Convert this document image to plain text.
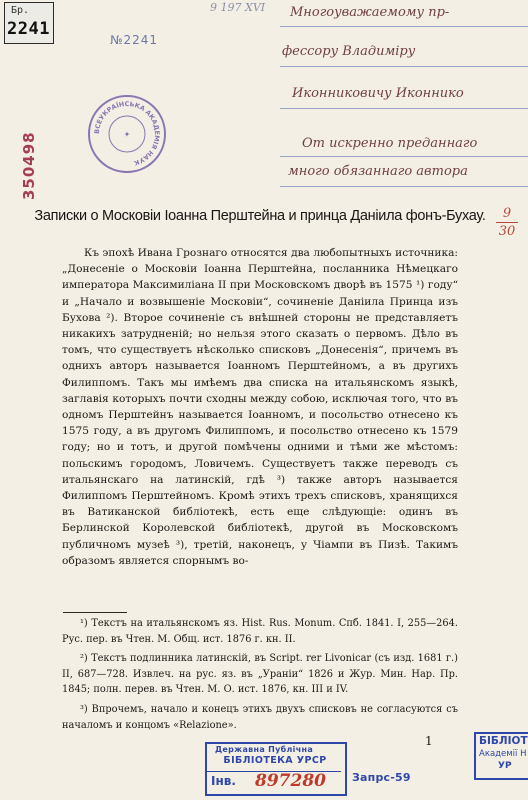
Бр.
2241
9 197 XVI
№2241
Многоуважаемому пр-
фессору Владиміру
Иконниковичу Иконнико
От искренно преданнаго
много обязаннаго автора
ВСЕУКРАЇНСЬКА АКАДЕМІЯ НАУК
✦
350498
9
30
Записки о Московіи Іоанна Перштейна и принца Даніила фонъ-Бухау.
Къ эпохѣ Ивана Грознаго относятся два любопытныхъ источника: „Донесеніе о Московіи Іоанна Перштейна, посланника Нѣмецкаго императора Максимиліана II при Московскомъ дворѣ въ 1575 ¹) году“ и „Начало и возвышеніе Московіи“, сочиненіе Даніила Принца изъ Бухова ²). Второе сочиненіе съ внѣшней стороны не представляетъ никакихъ затрудненій; но нельзя этого сказать о первомъ. Дѣло въ томъ, что существуетъ нѣсколько списковъ „Донесенія“, причемъ въ однихъ авторъ называется Іоанномъ Перштейномъ, а въ другихъ Филиппомъ. Такъ мы имѣемъ два списка на итальянскомъ языкѣ, заглавія которыхъ почти сходны между собою, исключая того, что въ одномъ Перштейнъ называется Іоанномъ, и посольство отнесено къ 1575 году, а въ другомъ Филиппомъ, и посольство отнесено къ 1579 году; но и тотъ, и другой помѣчены одними и тѣми же мѣстомъ: польскимъ городомъ, Ловичемъ. Существуетъ также переводъ съ итальянскаго на латинскій, гдѣ ³) также авторъ называется Филиппомъ Перштейномъ. Кромѣ этихъ трехъ списковъ, хранящихся въ Ватиканской библіотекѣ, есть еще слѣдующіе: одинъ въ Берлинской Королевской библіотекѣ, другой въ Московскомъ публичномъ музеѣ ³), третій, наконецъ, у Чіампи въ Пизѣ. Такимъ образомъ является спорнымъ во-

¹) Текстъ на итальянскомъ яз. Hist. Rus. Monum. Спб. 1841. I, 255—264. Рус. пер. въ Чтен. М. Общ. ист. 1876 г. кн. II.

²) Текстъ подлинника латинскій, въ Script. rer Livonicar (съ изд. 1681 г.) II, 687—728. Извлеч. на рус. яз. въ „Ураніи“ 1826 и Жур. Мин. Нар. Пр. 1845; полн. перев. въ Чтен. М. О. ист. 1876, кн. III и IV.

³) Впрочемъ, начало и конецъ этихъ двухъ списковъ не согласуются съ началомъ и концомъ «Relazione».

1
Державна Публічна
БІБЛІОТЕКА УРСР
Інв. 897280 Запрс-59
БІБЛІОТ
Академії Н
УР
